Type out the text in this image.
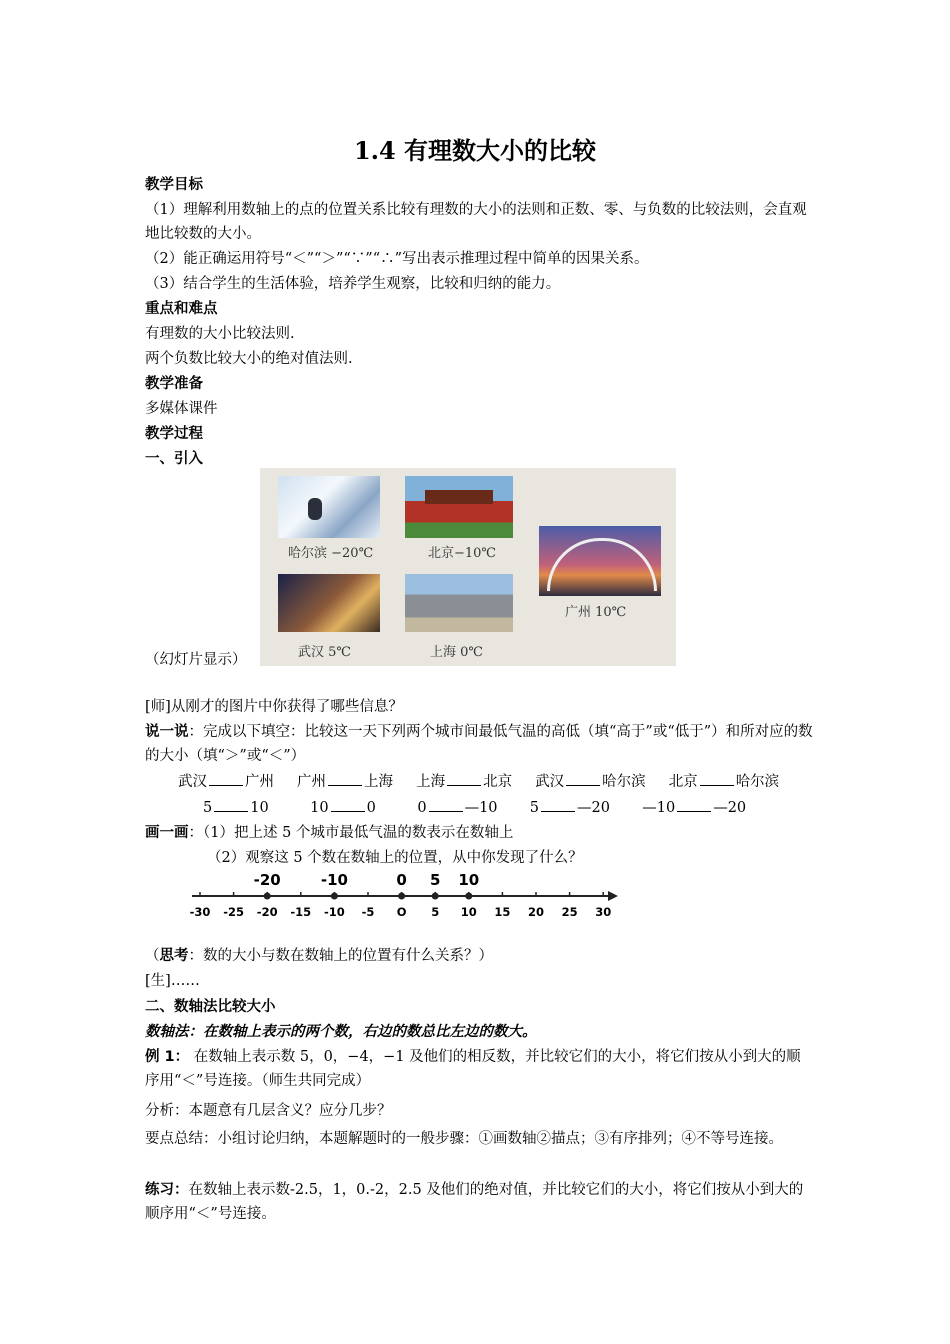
1.4 有理数大小的比较
教学目标
（1）理解利用数轴上的点的位置关系比较有理数的大小的法则和正数、零、与负数的比较法则，会直观地比较数的大小。
（2）能正确运用符号“＜”“＞”“∵”“∴”写出表示推理过程中简单的因果关系。
（3）结合学生的生活体验，培养学生观察，比较和归纳的能力。
重点和难点
有理数的大小比较法则.
两个负数比较大小的绝对值法则.
教学准备
多媒体课件
教学过程
一、引入
哈尔滨 −20℃	北京−10℃
广州 10℃
武汉 5℃	上海 0℃
（幻灯片显示）
[师]从刚才的图片中你获得了哪些信息？
说一说：完成以下填空：比较这一天下列两个城市间最低气温的高低（填“高于”或“低于”）和所对应的数的大小（填“＞”或“＜”）
武汉	广州 广州	上海 上海	北京 武汉	哈尔滨 北京	哈尔滨
5	10	10	0	0	—10 5	—20 —10	—20
画一画：（1）把上述 5 个城市最低气温的数表示在数轴上
（2）观察这 5 个数在数轴上的位置，从中你发现了什么？
-30 -25 -20 -15 -10 -5 O 5 10 15 20 25 30
-20	-10	0 5 10
（思考：数的大小与数在数轴上的位置有什么关系？）
[生]……
二、数轴法比较大小
数轴法：在数轴上表示的两个数，右边的数总比左边的数大。
例 1： 在数轴上表示数 5，0，−4，−1 及他们的相反数，并比较它们的大小，将它们按从小到大的顺序用“＜”号连接。（师生共同完成）
分析：本题意有几层含义？应分几步？
要点总结：小组讨论归纳，本题解题时的一般步骤：①画数轴②描点；③有序排列；④不等号连接。
练习：在数轴上表示数-2.5，1，0.-2，2.5 及他们的绝对值，并比较它们的大小，将它们按从小到大的顺序用“＜”号连接。
